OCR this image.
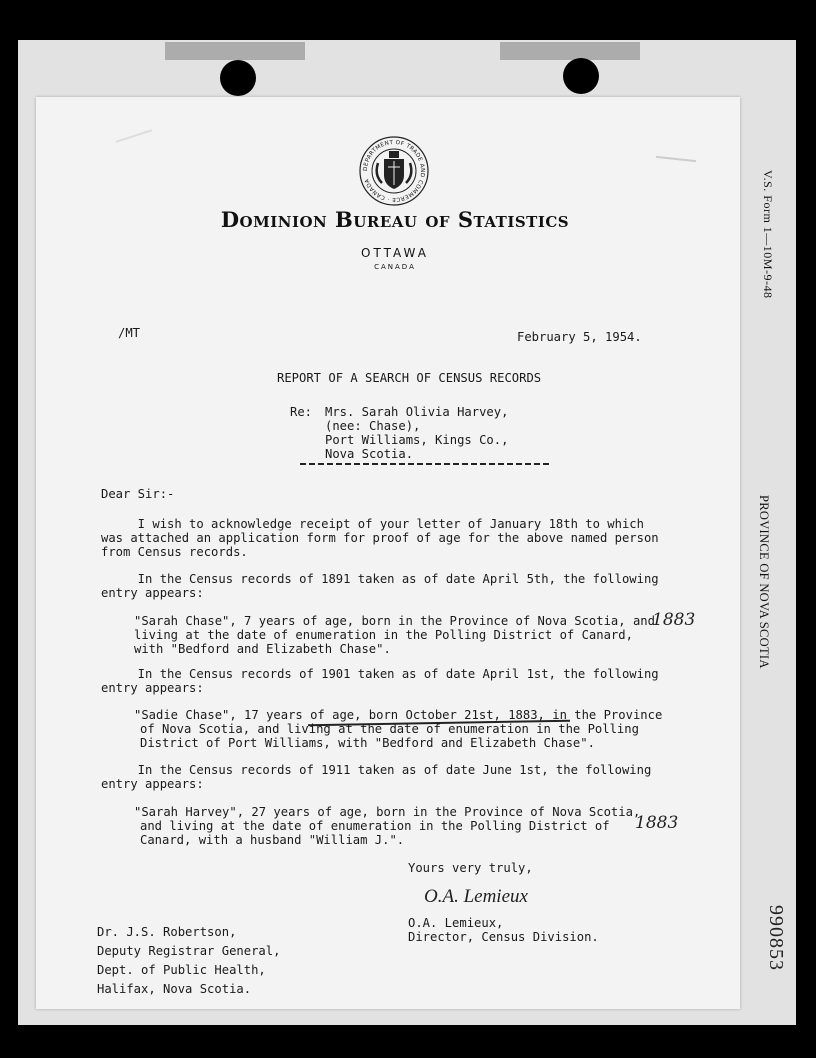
V.S. Form 1—10M-9-48
PROVINCE OF NOVA SCOTIA
990853
DEPARTMENT OF TRADE AND COMMERCE · CANADA
Dominion Bureau of Statistics
OTTAWA
CANADA
/MT	February 5, 1954.
REPORT OF A SEARCH OF CENSUS RECORDS
Re: Mrs. Sarah Olivia Harvey,
(nee: Chase),
Port Williams, Kings Co.,
Nova Scotia.
Dear Sir:-
I wish to acknowledge receipt of your letter of January 18th to which
was attached an application form for proof of age for the above named person
from Census records.
In the Census records of 1891 taken as of date April 5th, the following
entry appears:
"Sarah Chase", 7 years of age, born in the Province of Nova Scotia, and
living at the date of enumeration in the Polling District of Canard,
with "Bedford and Elizabeth Chase".
1883
In the Census records of 1901 taken as of date April 1st, the following
entry appears:
"Sadie Chase", 17 years of age, born October 21st, 1883, in the Province
of Nova Scotia, and living at the date of enumeration in the Polling
District of Port Williams, with "Bedford and Elizabeth Chase".
In the Census records of 1911 taken as of date June 1st, the following
entry appears:
"Sarah Harvey", 27 years of age, born in the Province of Nova Scotia,
and living at the date of enumeration in the Polling District of
Canard, with a husband "William J.".
1883
Yours very truly,
O.A. Lemieux
O.A. Lemieux,
Director, Census Division.
Dr. J.S. Robertson,
Deputy Registrar General,
Dept. of Public Health,
Halifax, Nova Scotia.
